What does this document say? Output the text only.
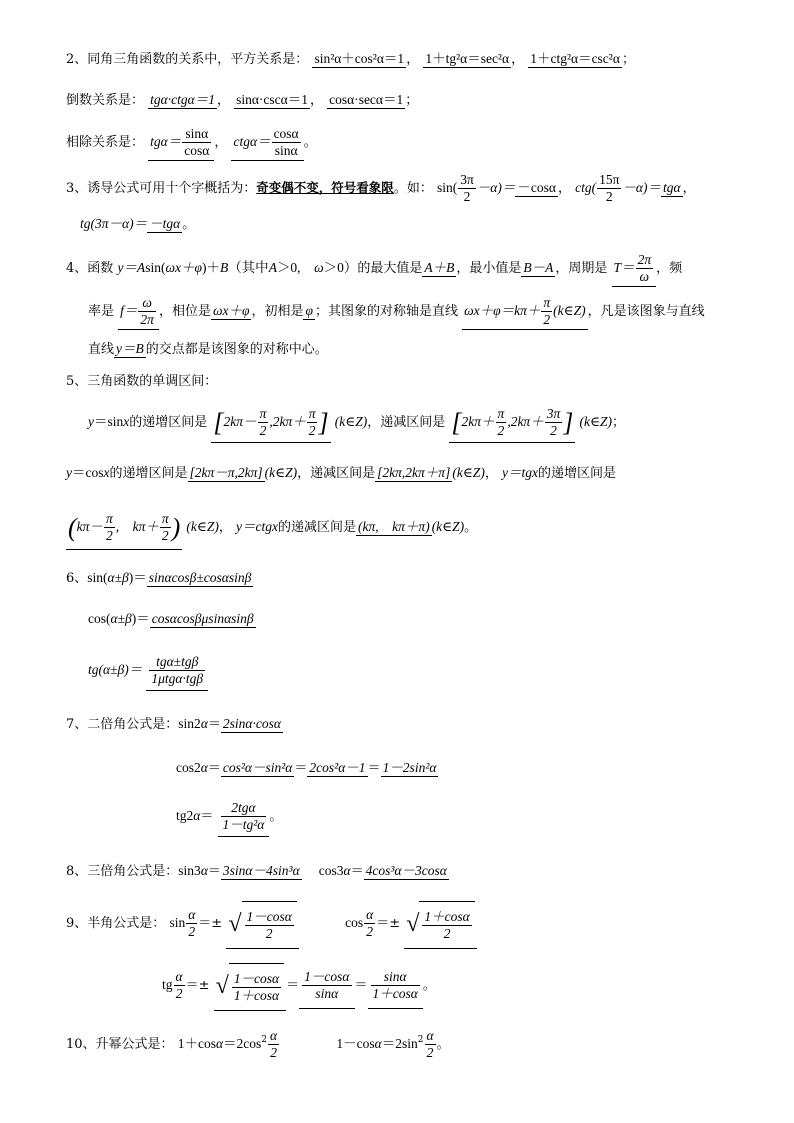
2、同角三角函数的关系中，平方关系是： sin²α＋cos²α＝1 ， 1＋tg²α＝sec²α ， 1＋ctg²α＝csc²α ；
倒数关系是： tgα·ctgα＝1 ， sinα·cscα＝1 ， cosα·secα＝1 ；
相除关系是： $tg\alpha= \frac{\sin\alpha}{\cos\alpha}$ ， $ctg\alpha= \frac{\cos\alpha}{\sin\alpha}$ 。
3、诱导公式可用十个字概括为：奇变偶不变，符号看象限。如： $\sin( \frac{3\pi}{2} -\alpha)= -\cos\alpha$ ， $ctg( \frac{15\pi}{2} -\alpha)= tg\alpha$ ，
tg(3π－α)＝ －tgα 。
4、函数 y＝Asin(ωx＋φ)＋B（其中A＞0,　ω＞0）的最大值是 A＋B ，最小值是 B－A ，周期是 $T= \frac{2\pi}{\omega}$ ，频
率是 $f= \frac{\omega}{2\pi}$ ，相位是 ωx＋φ ，初相是 φ ；其图象的对称轴是直线 $\omega x+\varphi=k\pi+ \frac{\pi}{2}$ (k∈Z) ，凡是该图象与直线
直线 y＝B 的交点都是该图象的对称中心。
5、三角函数的单调区间：
y＝sinx的递增区间是 [$2k\pi- \frac{\pi}{2} ,2k\pi+ \frac{\pi}{2}$ ] (k∈Z)，递减区间是 [$2k\pi+ \frac{\pi}{2} ,2k\pi+ \frac{3\pi}{2}$ ] (k∈Z)；
y＝cosx的递增区间是 [2kπ－π,2kπ] (k∈Z)，递减区间是 [2kπ,2kπ＋π] (k∈Z)， y＝tgx的递增区间是
($k\pi- \frac{\pi}{2}$ ,　$k\pi+ \frac{\pi}{2}$ ) (k∈Z)， y＝ctgx的递减区间是 (kπ,　kπ＋π) (k∈Z)。
6、sin(α±β)＝ sinαcosβ±cosαsinβ
cos(α±β)＝ cosαcosβμsinαsinβ
tg(α±β)＝
tgα±tgβ
1μtgα·tgβ
7、二倍角公式是：sin2α＝ 2sinα·cosα
cos2α＝ cos²α－sin²α ＝ 2cos²α－1 ＝ 1－2sin²α
tg2α＝
2tgα
1－tg²α
。
8、三倍角公式是：sin3α＝ 3sinα－4sin³α　 cos3α＝ 4cos³α－3cosα
9、半角公式是： $\sin \frac{\alpha}{2}$ ＝± √ $\frac{1-\cos\alpha}{2}$	$\cos \frac{\alpha}{2}$ ＝± √ $\frac{1+\cos\alpha}{2}$
tg $\frac{\alpha}{2}$ ＝± √ $\frac{1-\cos\alpha}{1+\cos\alpha} = \frac{1-\cos\alpha}{\sin\alpha} = \frac{\sin\alpha}{1+\cos\alpha}$ 。
10、升幂公式是： $1+\cos\alpha=2\cos^2 \frac{\alpha}{2}$	$1-\cos\alpha=2\sin^2 \frac{\alpha}{2}$ 。
